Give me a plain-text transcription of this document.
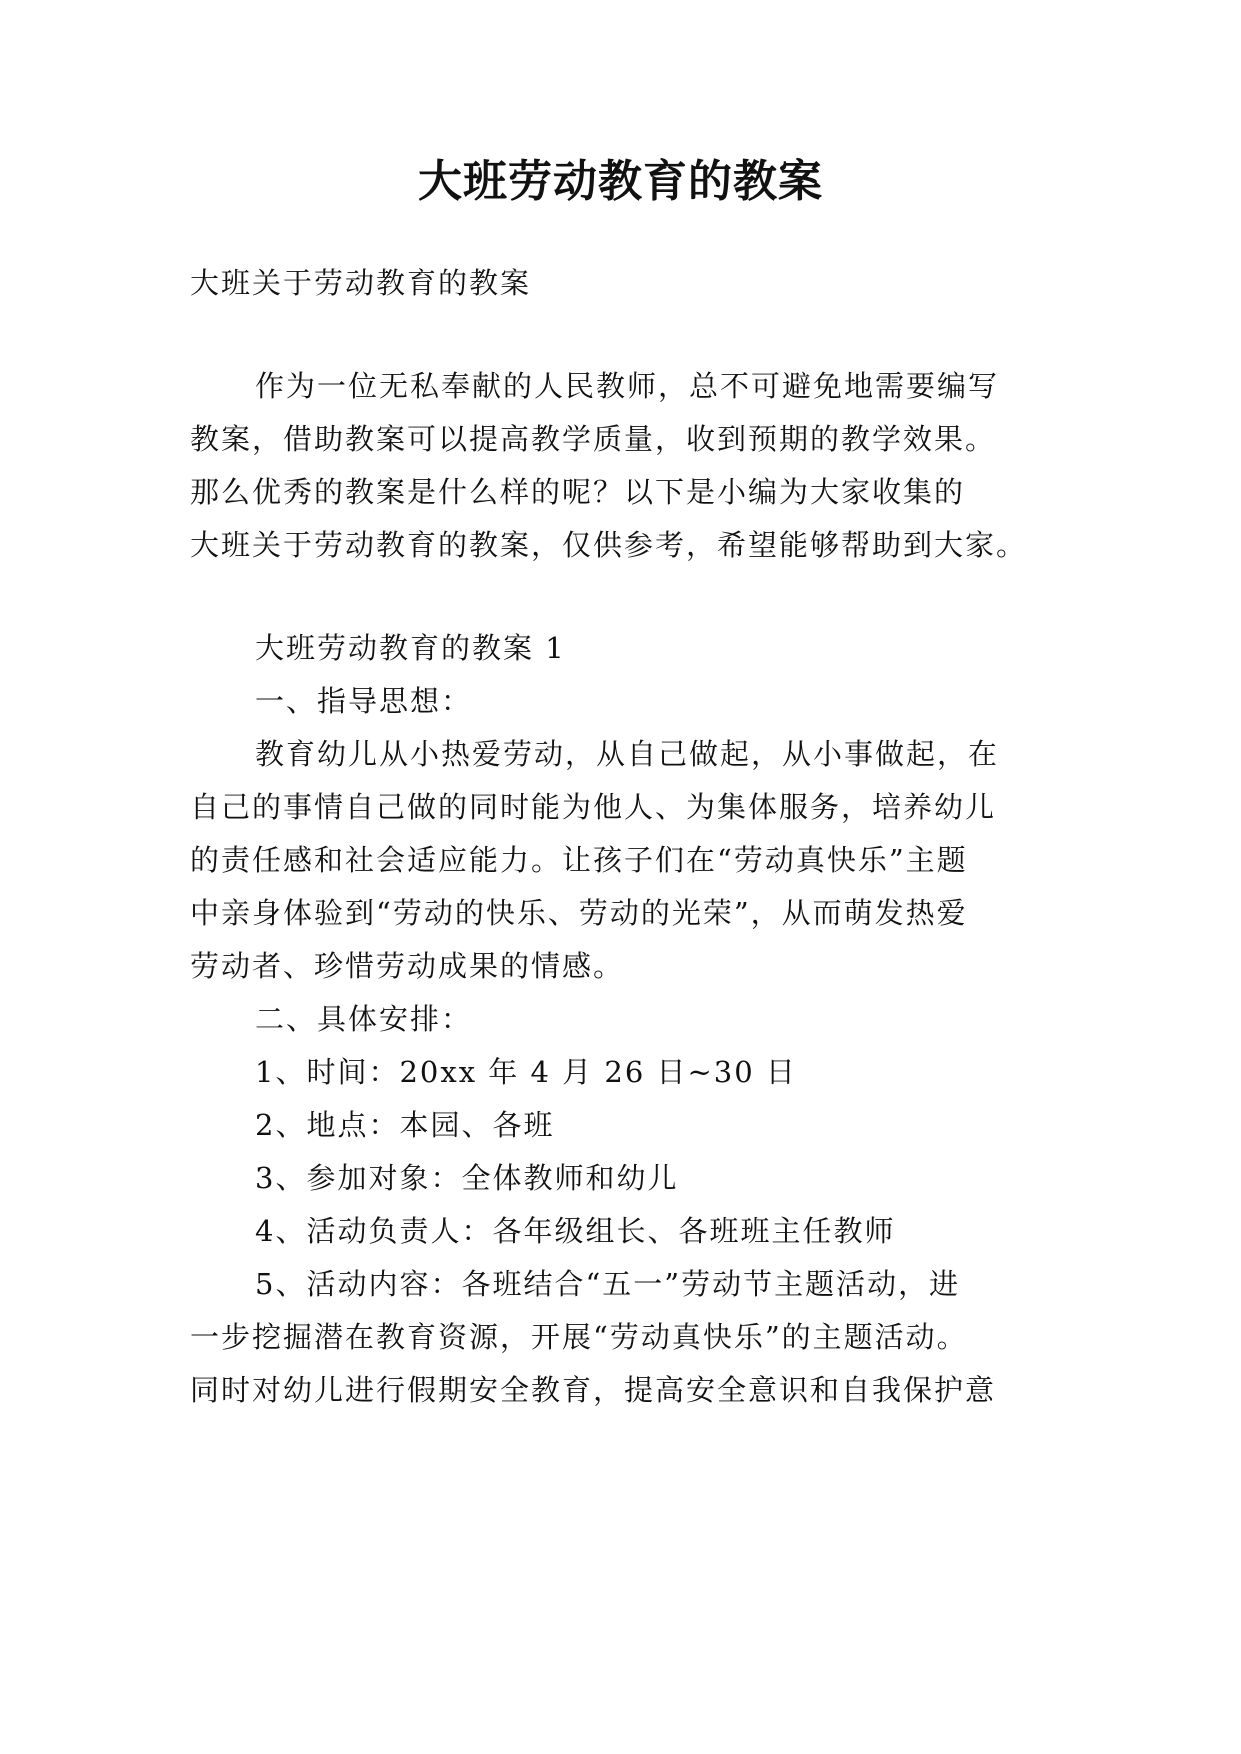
大班劳动教育的教案

大班关于劳动教育的教案

作为一位无私奉献的人民教师，总不可避免地需要编写

教案，借助教案可以提高教学质量，收到预期的教学效果。

那么优秀的教案是什么样的呢？以下是小编为大家收集的

大班关于劳动教育的教案，仅供参考，希望能够帮助到大家。

大班劳动教育的教案 1

一、指导思想：

教育幼儿从小热爱劳动，从自己做起，从小事做起，在

自己的事情自己做的同时能为他人、为集体服务，培养幼儿

的责任感和社会适应能力。让孩子们在“劳动真快乐”主题

中亲身体验到“劳动的快乐、劳动的光荣”，从而萌发热爱

劳动者、珍惜劳动成果的情感。

二、具体安排：

1、时间：20xx 年 4 月 26 日~30 日

2、地点：本园、各班

3、参加对象：全体教师和幼儿

4、活动负责人：各年级组长、各班班主任教师

5、活动内容：各班结合“五一”劳动节主题活动，进

一步挖掘潜在教育资源，开展“劳动真快乐”的主题活动。

同时对幼儿进行假期安全教育，提高安全意识和自我保护意
